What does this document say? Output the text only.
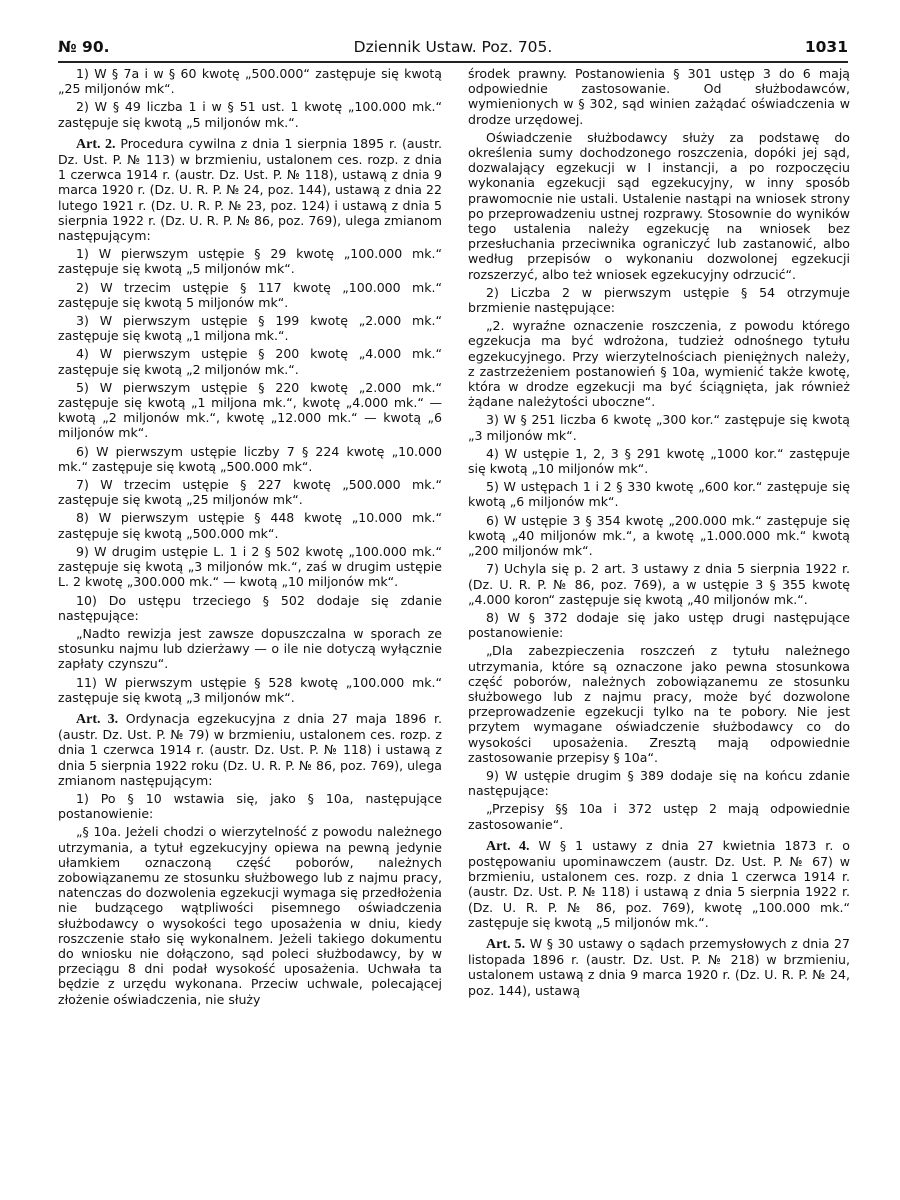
№ 90.	Dziennik Ustaw. Poz. 705.	1031

1) W § 7a i w § 60 kwotę „500.000“ zastępuje się kwotą „25 miljonów mk“.

2) W § 49 liczba 1 i w § 51 ust. 1 kwotę „100.000 mk.“ zastępuje się kwotą „5 miljonów mk.“.

Art. 2. Procedura cywilna z dnia 1 sierpnia 1895 r. (austr. Dz. Ust. P. № 113) w brzmieniu, ustalonem ces. rozp. z dnia 1 czerwca 1914 r. (austr. Dz. Ust. P. № 118), ustawą z dnia 9 marca 1920 r. (Dz. U. R. P. № 24, poz. 144), ustawą z dnia 22 lutego 1921 r. (Dz. U. R. P. № 23, poz. 124) i ustawą z dnia 5 sierpnia 1922 r. (Dz. U. R. P. № 86, poz. 769), ulega zmianom następującym:

1) W pierwszym ustępie § 29 kwotę „100.000 mk.“ zastępuje się kwotą „5 miljonów mk“.

2) W trzecim ustępie § 117 kwotę „100.000 mk.“ zastępuje się kwotą 5 miljonów mk“.

3) W pierwszym ustępie § 199 kwotę „2.000 mk.“ zastępuje się kwotą „1 miljona mk.“.

4) W pierwszym ustępie § 200 kwotę „4.000 mk.“ zastępuje się kwotą „2 miljonów mk.“.

5) W pierwszym ustępie § 220 kwotę „2.000 mk.“ zastępuje się kwotą „1 miljona mk.“, kwotę „4.000 mk.“ — kwotą „2 miljonów mk.“, kwotę „12.000 mk.“ — kwotą „6 miljonów mk“.

6) W pierwszym ustępie liczby 7 § 224 kwotę „10.000 mk.“ zastępuje się kwotą „500.000 mk“.

7) W trzecim ustępie § 227 kwotę „500.000 mk.“ zastępuje się kwotą „25 miljonów mk“.

8) W pierwszym ustępie § 448 kwotę „10.000 mk.“ zastępuje się kwotą „500.000 mk“.

9) W drugim ustępie L. 1 i 2 § 502 kwotę „100.000 mk.“ zastępuje się kwotą „3 miljonów mk.“, zaś w drugim ustępie L. 2 kwotę „300.000 mk.“ — kwotą „10 miljonów mk“.

10) Do ustępu trzeciego § 502 dodaje się zdanie następujące:

„Nadto rewizja jest zawsze dopuszczalna w sporach ze stosunku najmu lub dzierżawy — o ile nie dotyczą wyłącznie zapłaty czynszu“.

11) W pierwszym ustępie § 528 kwotę „100.000 mk.“ zastępuje się kwotą „3 miljonów mk“.

Art. 3. Ordynacja egzekucyjna z dnia 27 maja 1896 r. (austr. Dz. Ust. P. № 79) w brzmieniu, ustalonem ces. rozp. z dnia 1 czerwca 1914 r. (austr. Dz. Ust. P. № 118) i ustawą z dnia 5 sierpnia 1922 roku (Dz. U. R. P. № 86, poz. 769), ulega zmianom następującym:

1) Po § 10 wstawia się, jako § 10a, następujące postanowienie:

„§ 10a. Jeżeli chodzi o wierzytelność z powodu należnego utrzymania, a tytuł egzekucyjny opiewa na pewną jedynie ułamkiem oznaczoną część poborów, należnych zobowiązanemu ze stosunku służbowego lub z najmu pracy, natenczas do dozwolenia egzekucji wymaga się przedłożenia nie budzącego wątpliwości pisemnego oświadczenia służbodawcy o wysokości tego uposażenia w dniu, kiedy roszczenie stało się wykonalnem. Jeżeli takiego dokumentu do wniosku nie dołączono, sąd poleci służbodawcy, by w przeciągu 8 dni podał wysokość uposażenia. Uchwała ta będzie z urzędu wykonana. Przeciw uchwale, polecającej złożenie oświadczenia, nie służy

środek prawny. Postanowienia § 301 ustęp 3 do 6 mają odpowiednie zastosowanie. Od służbodawców, wymienionych w § 302, sąd winien zażądać oświadczenia w drodze urzędowej.

Oświadczenie służbodawcy służy za podstawę do określenia sumy dochodzonego roszczenia, dopóki jej sąd, dozwalający egzekucji w I instancji, a po rozpoczęciu wykonania egzekucji sąd egzekucyjny, w inny sposób prawomocnie nie ustali. Ustalenie nastąpi na wniosek strony po przeprowadzeniu ustnej rozprawy. Stosownie do wyników tego ustalenia należy egzekucję na wniosek bez przesłuchania przeciwnika ograniczyć lub zastanowić, albo według przepisów o wykonaniu dozwolonej egzekucji rozszerzyć, albo też wniosek egzekucyjny odrzucić“.

2) Liczba 2 w pierwszym ustępie § 54 otrzymuje brzmienie następujące:

„2. wyraźne oznaczenie roszczenia, z powodu którego egzekucja ma być wdrożona, tudzież odnośnego tytułu egzekucyjnego. Przy wierzytelnościach pieniężnych należy, z zastrzeżeniem postanowień § 10a, wymienić także kwotę, która w drodze egzekucji ma być ściągnięta, jak również żądane należytości uboczne“.

3) W § 251 liczba 6 kwotę „300 kor.“ zastępuje się kwotą „3 miljonów mk“.

4) W ustępie 1, 2, 3 § 291 kwotę „1000 kor.“ zastępuje się kwotą „10 miljonów mk“.

5) W ustępach 1 i 2 § 330 kwotę „600 kor.“ zastępuje się kwotą „6 miljonów mk“.

6) W ustępie 3 § 354 kwotę „200.000 mk.“ zastępuje się kwotą „40 miljonów mk.“, a kwotę „1.000.000 mk.“ kwotą „200 miljonów mk“.

7) Uchyla się p. 2 art. 3 ustawy z dnia 5 sierpnia 1922 r. (Dz. U. R. P. № 86, poz. 769), a w ustępie 3 § 355 kwotę „4.000 koron“ zastępuje się kwotą „40 miljonów mk.“.

8) W § 372 dodaje się jako ustęp drugi następujące postanowienie:

„Dla zabezpieczenia roszczeń z tytułu należnego utrzymania, które są oznaczone jako pewna stosunkowa część poborów, należnych zobowiązanemu ze stosunku służbowego lub z najmu pracy, może być dozwolone przeprowadzenie egzekucji tylko na te pobory. Nie jest przytem wymagane oświadczenie służbodawcy co do wysokości uposażenia. Zresztą mają odpowiednie zastosowanie przepisy § 10a“.

9) W ustępie drugim § 389 dodaje się na końcu zdanie następujące:

„Przepisy §§ 10a i 372 ustęp 2 mają odpowiednie zastosowanie“.

Art. 4. W § 1 ustawy z dnia 27 kwietnia 1873 r. o postępowaniu upominawczem (austr. Dz. Ust. P. № 67) w brzmieniu, ustalonem ces. rozp. z dnia 1 czerwca 1914 r. (austr. Dz. Ust. P. № 118) i ustawą z dnia 5 sierpnia 1922 r. (Dz. U. R. P. № 86, poz. 769), kwotę „100.000 mk.“ zastępuje się kwotą „5 miljonów mk.“.

Art. 5. W § 30 ustawy o sądach przemysłowych z dnia 27 listopada 1896 r. (austr. Dz. Ust. P. № 218) w brzmieniu, ustalonem ustawą z dnia 9 marca 1920 r. (Dz. U. R. P. № 24, poz. 144), ustawą
